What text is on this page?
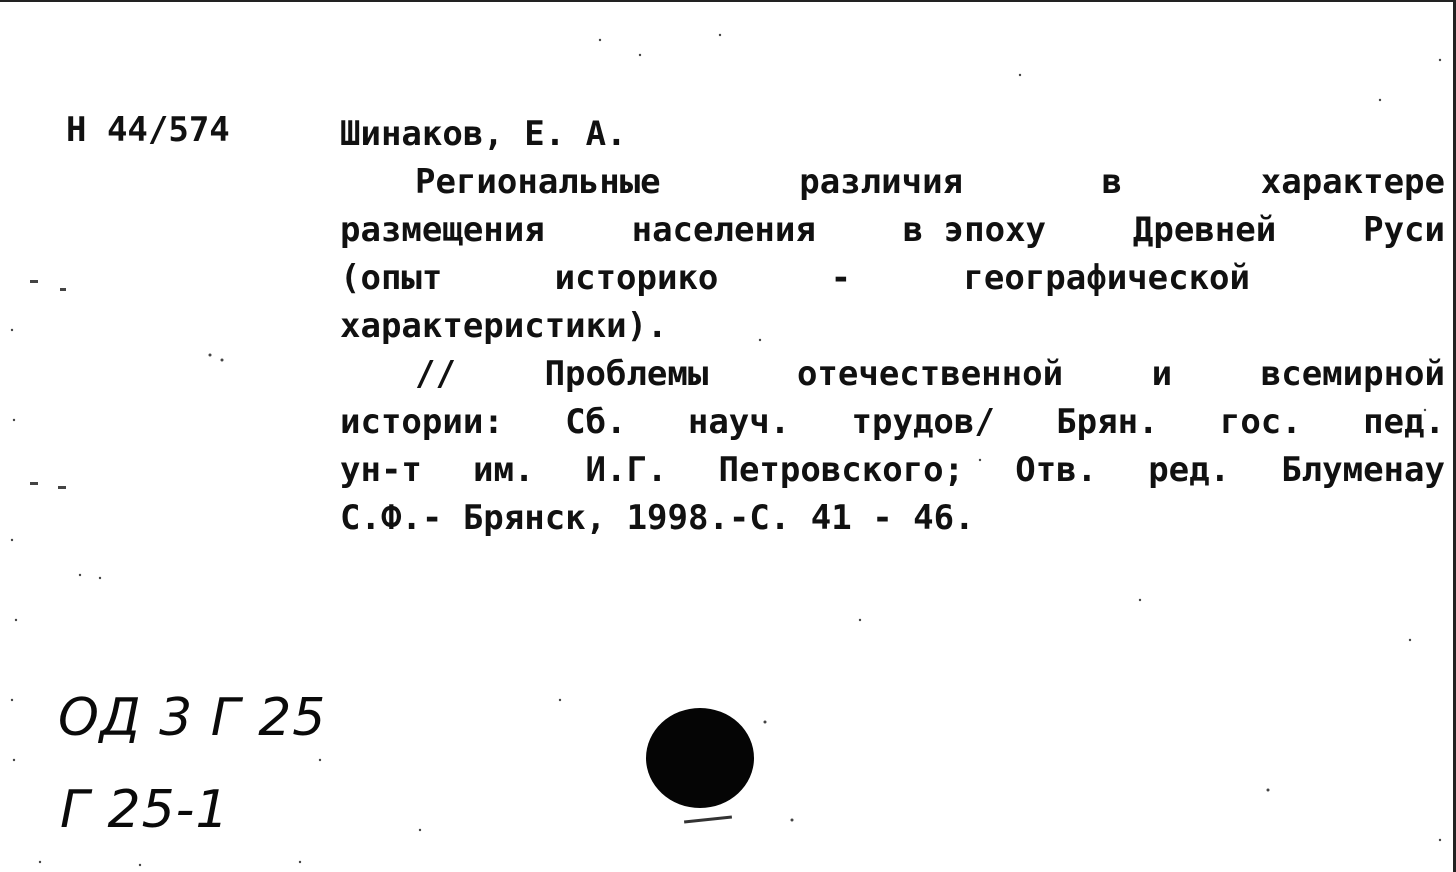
Н 44/574	Шинаков, Е. А.
Региональные	различия	в	характере
размещения	населения	в эпоху	Древней	Руси
(опыт	историко	-	географической
характеристики).
//	Проблемы	отечественной	и	всемирной
истории: Сб. науч. трудов/ Брян. гос. пед.
ун-т им. И.Г. Петровского; Отв. ред. Блуменау
С.Ф.- Брянск, 1998.-С. 41 - 46.
ОД 3 Г 25
Г 25-1
